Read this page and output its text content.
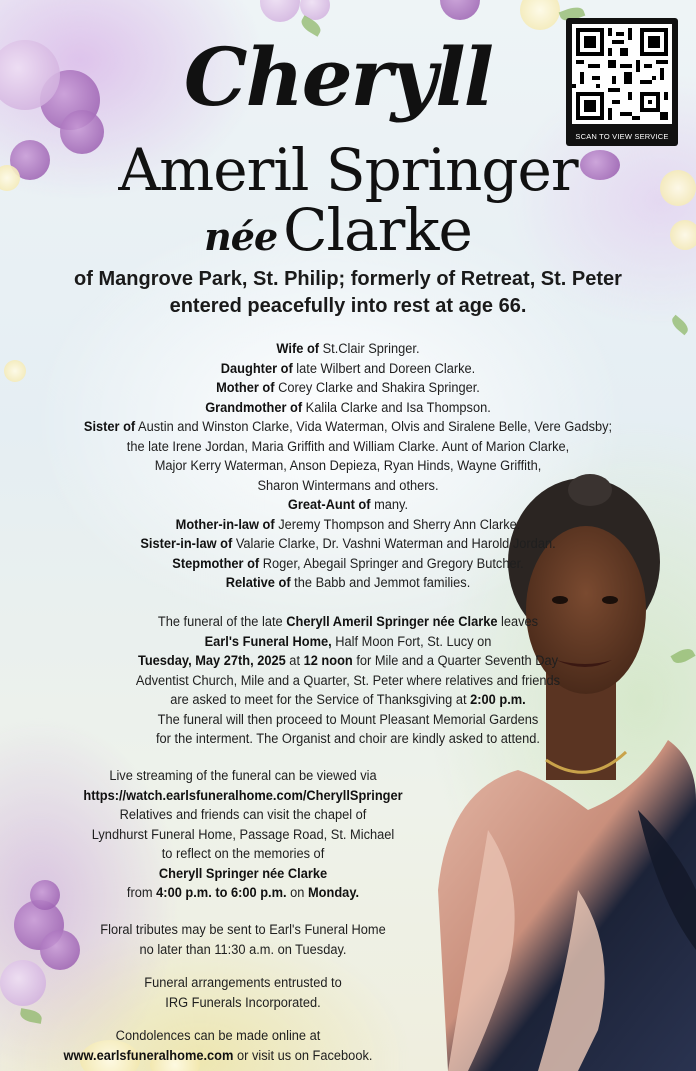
SCAN TO VIEW SERVICE
Cheryll
Ameril Springer
née Clarke
of Mangrove Park, St. Philip; formerly of Retreat, St. Peter
entered peacefully into rest at age 66.
Wife of St.Clair Springer.
Daughter of late Wilbert and Doreen Clarke.
Mother of Corey Clarke and Shakira Springer.
Grandmother of Kalila Clarke and Isa Thompson.
Sister of Austin and Winston Clarke, Vida Waterman, Olvis and Siralene Belle, Vere Gadsby;
the late Irene Jordan, Maria Griffith and William Clarke. Aunt of Marion Clarke,
Major Kerry Waterman, Anson Depieza, Ryan Hinds, Wayne Griffith,
Sharon Wintermans and others.
Great-Aunt of many.
Mother-in-law of Jeremy Thompson and Sherry Ann Clarke.
Sister-in-law of Valarie Clarke, Dr. Vashni Waterman and Harold Jordan.
Stepmother of Roger, Abegail Springer and Gregory Butcher.
Relative of the Babb and Jemmot families.
The funeral of the late Cheryll Ameril Springer née Clarke leaves
Earl's Funeral Home, Half Moon Fort, St. Lucy on
Tuesday, May 27th, 2025 at 12 noon for Mile and a Quarter Seventh Day
Adventist Church, Mile and a Quarter, St. Peter where relatives and friends
are asked to meet for the Service of Thanksgiving at 2:00 p.m.
The funeral will then proceed to Mount Pleasant Memorial Gardens
for the interment. The Organist and choir are kindly asked to attend.
Live streaming of the funeral can be viewed via
https://watch.earlsfuneralhome.com/CheryllSpringer
Relatives and friends can visit the chapel of
Lyndhurst Funeral Home, Passage Road, St. Michael
to reflect on the memories of
Cheryll Springer née Clarke
from 4:00 p.m. to 6:00 p.m. on Monday.
Floral tributes may be sent to Earl's Funeral Home
no later than 11:30 a.m. on Tuesday.
Funeral arrangements entrusted to
IRG Funerals Incorporated.
Condolences can be made online at
www.earlsfuneralhome.com or visit us on Facebook.
